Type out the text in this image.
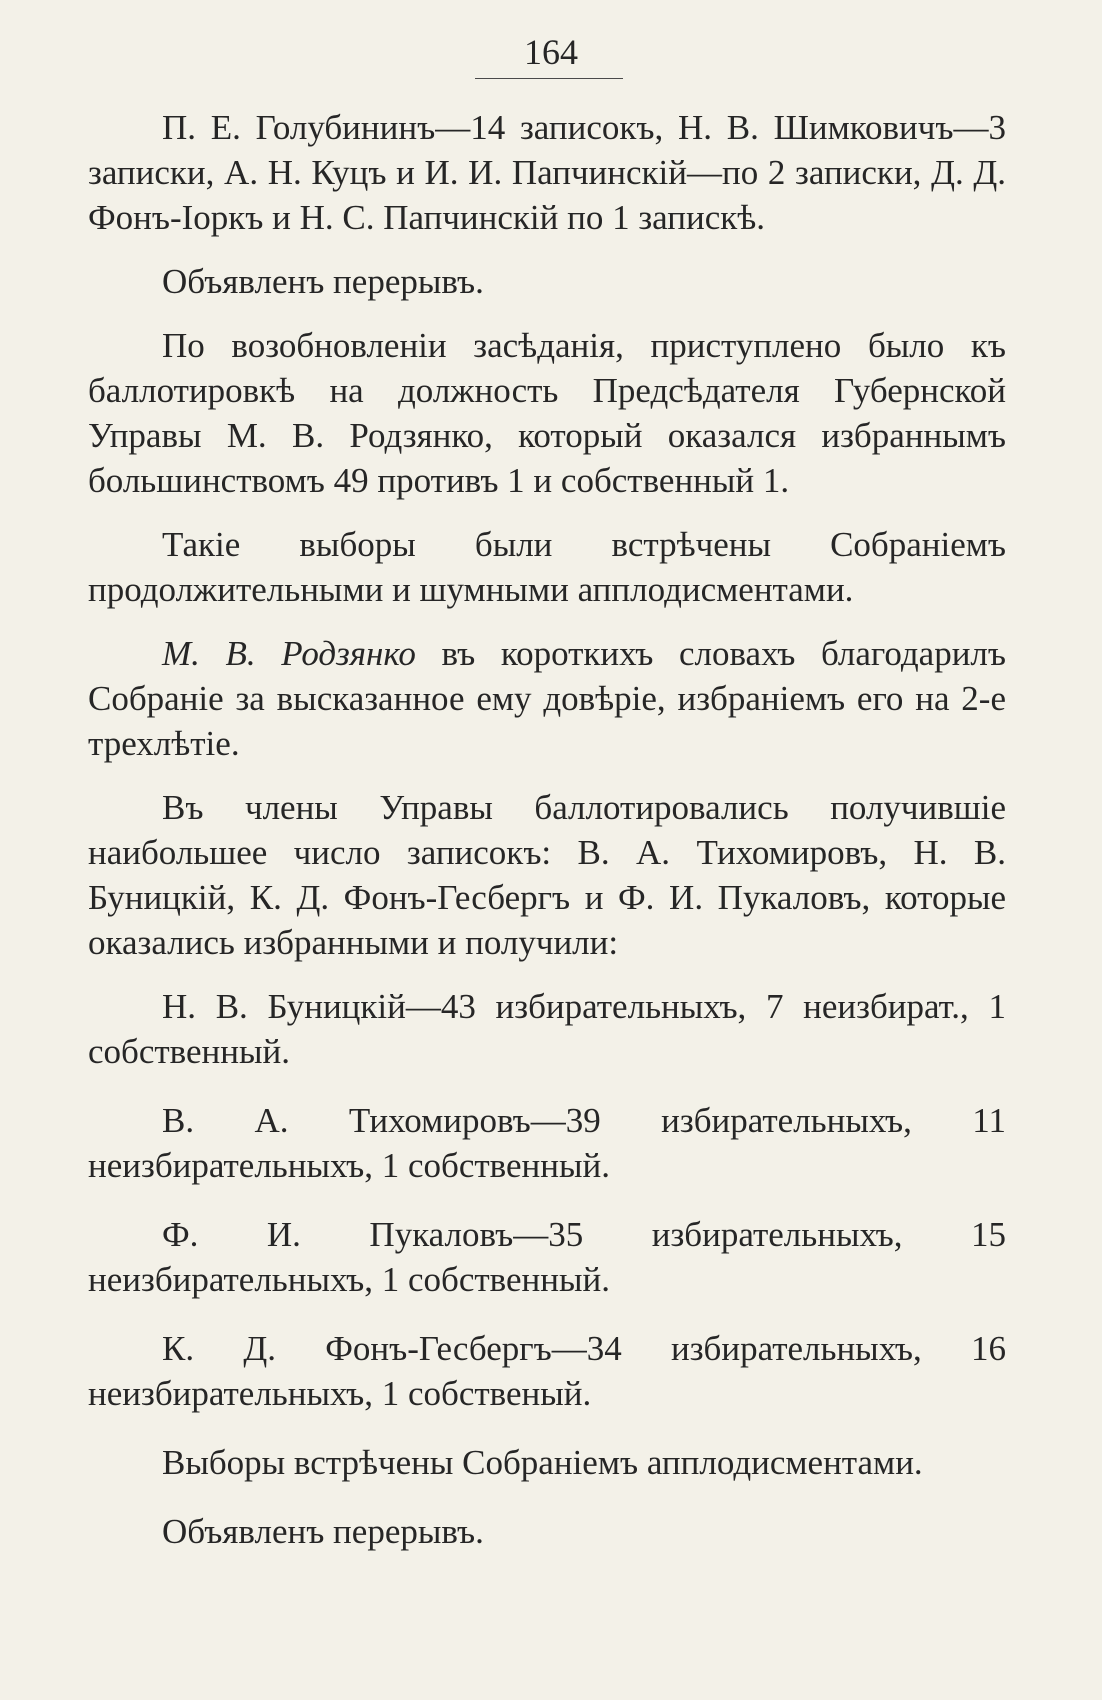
164

П. Е. Голубининъ—14 записокъ, Н. В. Шимковичъ—3 записки, А. Н. Куцъ и И. И. Папчинскій—по 2 записки, Д. Д. Фонъ-Іоркъ и Н. С. Папчинскій по 1 запискѣ.

Объявленъ перерывъ.

По возобновленіи засѣданія, приступлено было къ баллотировкѣ на должность Предсѣдателя Губернской Управы М. В. Родзянко, который оказался избраннымъ большинствомъ 49 противъ 1 и собственный 1.

Такіе выборы были встрѣчены Собраніемъ продолжительными и шумными апплодисментами.

М. В. Родзянко въ короткихъ словахъ благодарилъ Собраніе за высказанное ему довѣріе, избраніемъ его на 2-е трехлѣтіе.

Въ члены Управы баллотировались получившіе наибольшее число записокъ: В. А. Тихомировъ, Н. В. Буницкій, К. Д. Фонъ-Гесбергъ и Ф. И. Пукаловъ, которые оказались избранными и получили:

Н. В. Буницкій—43 избирательныхъ, 7 неизбират., 1 собственный.

В. А. Тихомировъ—39 избирательныхъ, 11 неизбирательныхъ, 1 собственный.

Ф. И. Пукаловъ—35 избирательныхъ, 15 неизбирательныхъ, 1 собственный.

К. Д. Фонъ-Гесбергъ—34 избирательныхъ, 16 неизбирательныхъ, 1 собственый.

Выборы встрѣчены Собраніемъ апплодисментами.

Объявленъ перерывъ.
